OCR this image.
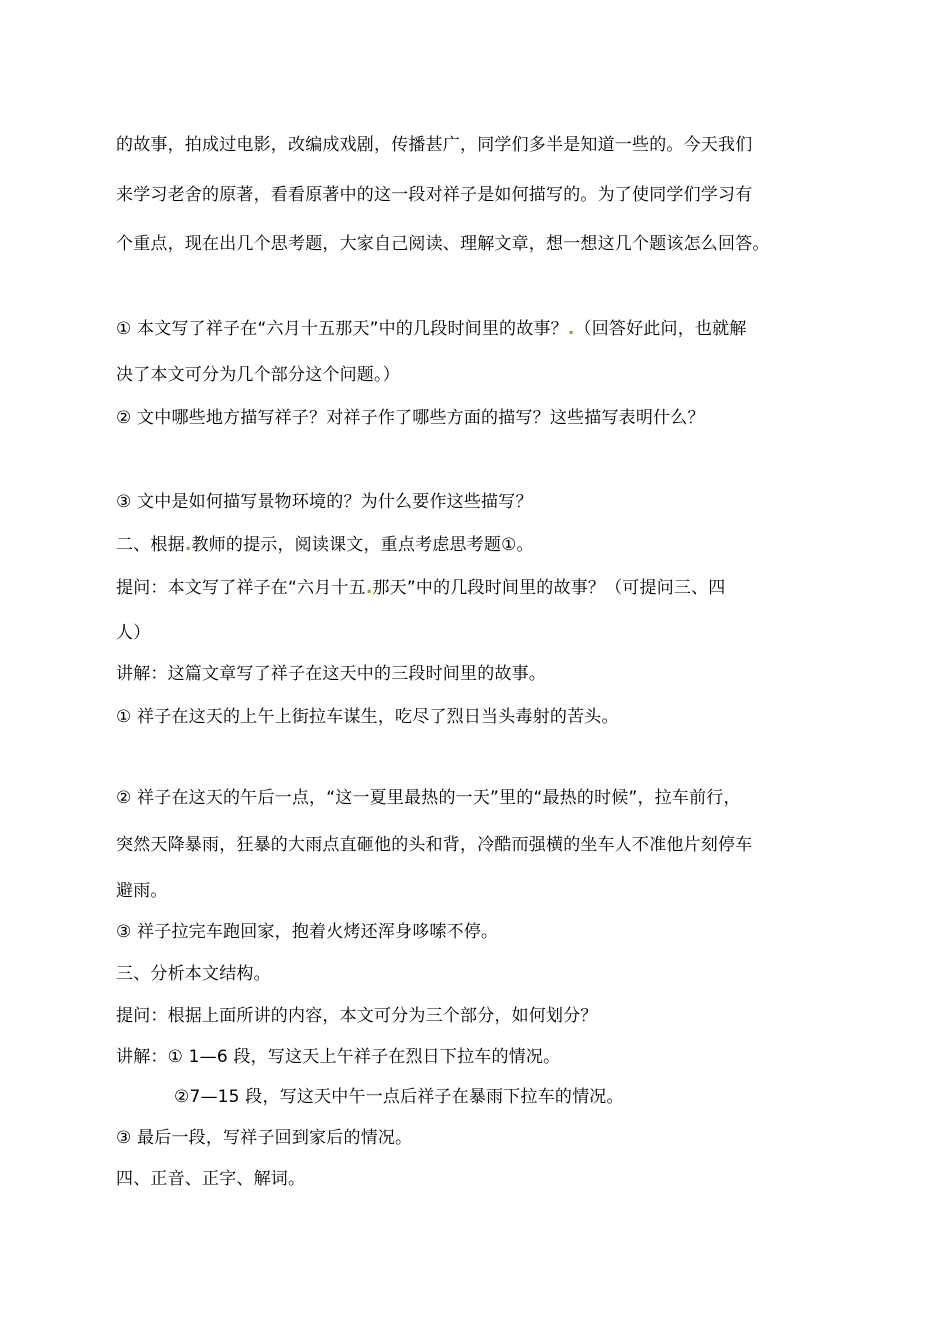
的故事，拍成过电影，改编成戏剧，传播甚广，同学们多半是知道一些的。今天我们
来学习老舍的原著，看看原著中的这一段对祥子是如何描写的。为了使同学们学习有
个重点，现在出几个思考题，大家自己阅读、理解文章，想一想这几个题该怎么回答。
① 本文写了祥子在“六月十五那天”中的几段时间里的故事？.（回答好此问，也就解
决了本文可分为几个部分这个问题。）
② 文中哪些地方描写祥子？对祥子作了哪些方面的描写？这些描写表明什么？
③ 文中是如何描写景物环境的？为什么要作这些描写？
二、根据.教师的提示，阅读课文，重点考虑思考题①。
提问：本文写了祥子在“六月十五.那天”中的几段时间里的故事？（可提问三、四
人）
讲解：这篇文章写了祥子在这天中的三段时间里的故事。
① 祥子在这天的上午上街拉车谋生，吃尽了烈日当头毒射的苦头。
② 祥子在这天的午后一点，“这一夏里最热的一天”里的“最热的时候”，拉车前行，
突然天降暴雨，狂暴的大雨点直砸他的头和背，冷酷而强横的坐车人不准他片刻停车
避雨。
③ 祥子拉完车跑回家，抱着火烤还浑身哆嗦不停。
三、分析本文结构。
提问：根据上面所讲的内容，本文可分为三个部分，如何划分？
讲解：① 1—6 段，写这天上午祥子在烈日下拉车的情况。
②7—15 段，写这天中午一点后祥子在暴雨下拉车的情况。
③ 最后一段，写祥子回到家后的情况。
四、正音、正字、解词。
